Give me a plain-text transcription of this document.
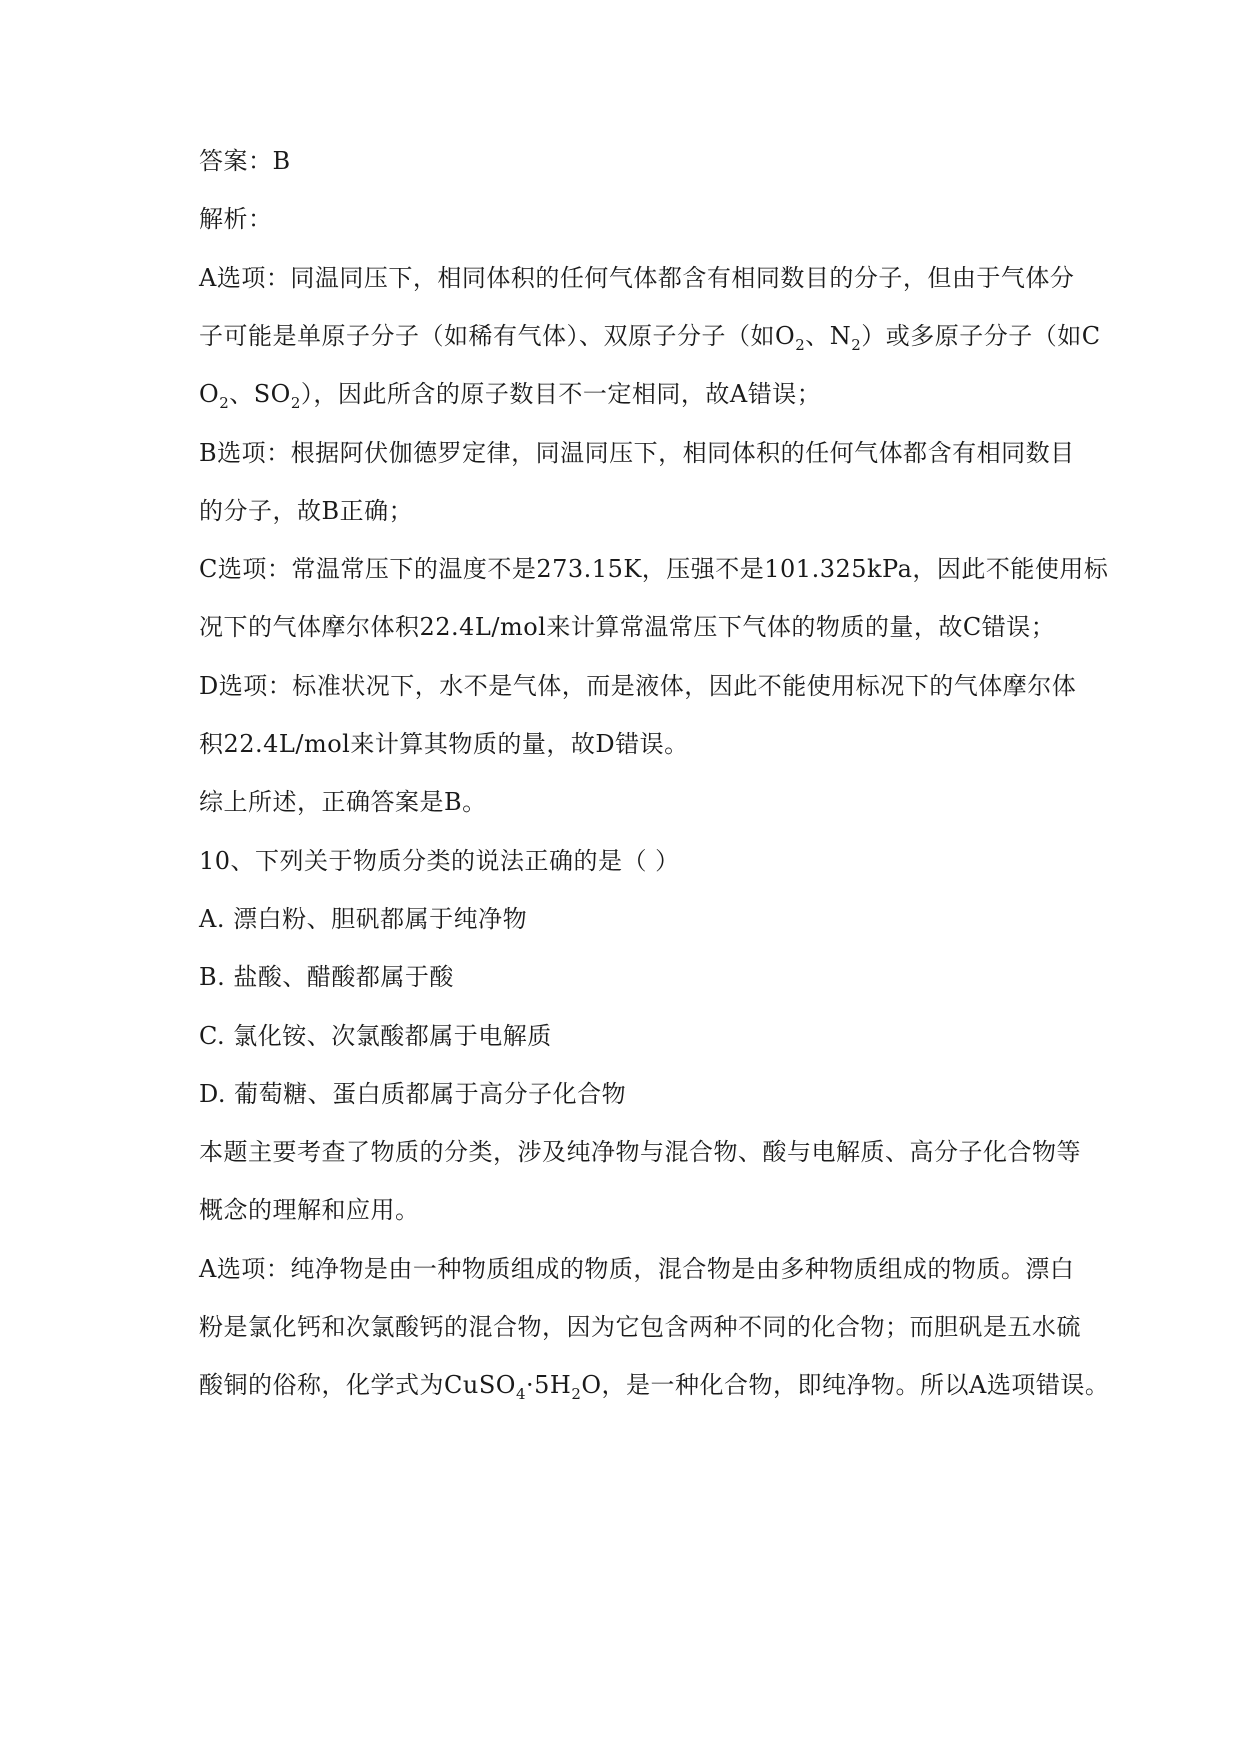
答案：B
解析：
A选项：同温同压下，相同体积的任何气体都含有相同数目的分子，但由于气体分
子可能是单原子分子（如稀有气体）、双原子分子（如$O_2$、$N_2$）或多原子分子（如C
$O_2$、$SO_2$），因此所含的原子数目不一定相同，故A错误；
B选项：根据阿伏伽德罗定律，同温同压下，相同体积的任何气体都含有相同数目
的分子，故B正确；
C选项：常温常压下的温度不是273.15K，压强不是101.325kPa，因此不能使用标
况下的气体摩尔体积22.4L/mol来计算常温常压下气体的物质的量，故C错误；
D选项：标准状况下，水不是气体，而是液体，因此不能使用标况下的气体摩尔体
积22.4L/mol来计算其物质的量，故D错误。
综上所述，正确答案是B。
10、下列关于物质分类的说法正确的是（ ）
A. 漂白粉、胆矾都属于纯净物
B. 盐酸、醋酸都属于酸
C. 氯化铵、次氯酸都属于电解质
D. 葡萄糖、蛋白质都属于高分子化合物
本题主要考查了物质的分类，涉及纯净物与混合物、酸与电解质、高分子化合物等
概念的理解和应用。
A选项：纯净物是由一种物质组成的物质，混合物是由多种物质组成的物质。漂白
粉是氯化钙和次氯酸钙的混合物，因为它包含两种不同的化合物；而胆矾是五水硫
酸铜的俗称，化学式为$CuSO_4\cdot 5H_2O$，是一种化合物，即纯净物。所以A选项错误。
